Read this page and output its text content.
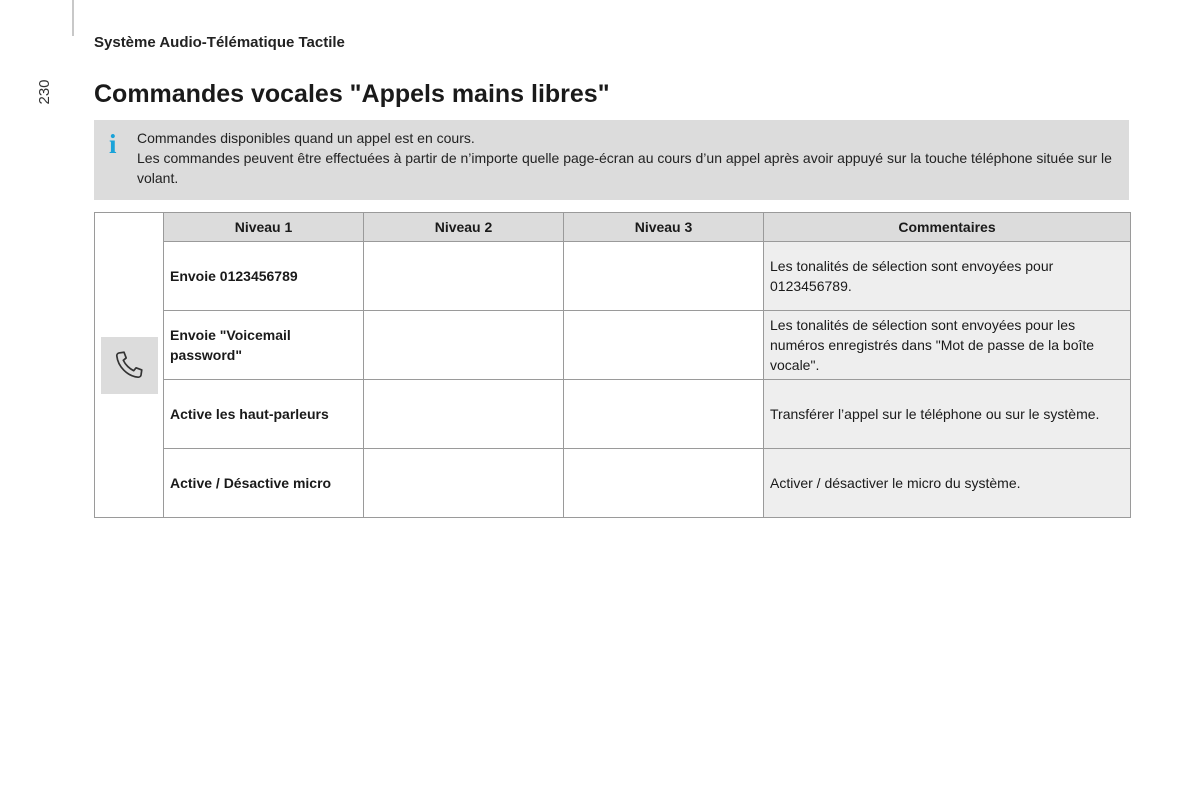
230
Système Audio-Télématique Tactile
Commandes vocales "Appels mains libres"
i Commandes disponibles quand un appel est en cours.

Les commandes peuvent être effectuées à partir de n’importe quelle page-écran au cours d’un appel après avoir appuyé sur la touche téléphone située sur le volant.

	Niveau 1	Niveau 2	Niveau 3	Commentaires
	Envoie 0123456789			Les tonalités de sélection sont envoyées pour 0123456789.
	Envoie "Voicemail password"			Les tonalités de sélection sont envoyées pour les numéros enregistrés dans "Mot de passe de la boîte vocale".
	Active les haut-parleurs			Transférer l’appel sur le téléphone ou sur le système.
	Active / Désactive micro			Activer / désactiver le micro du système.
